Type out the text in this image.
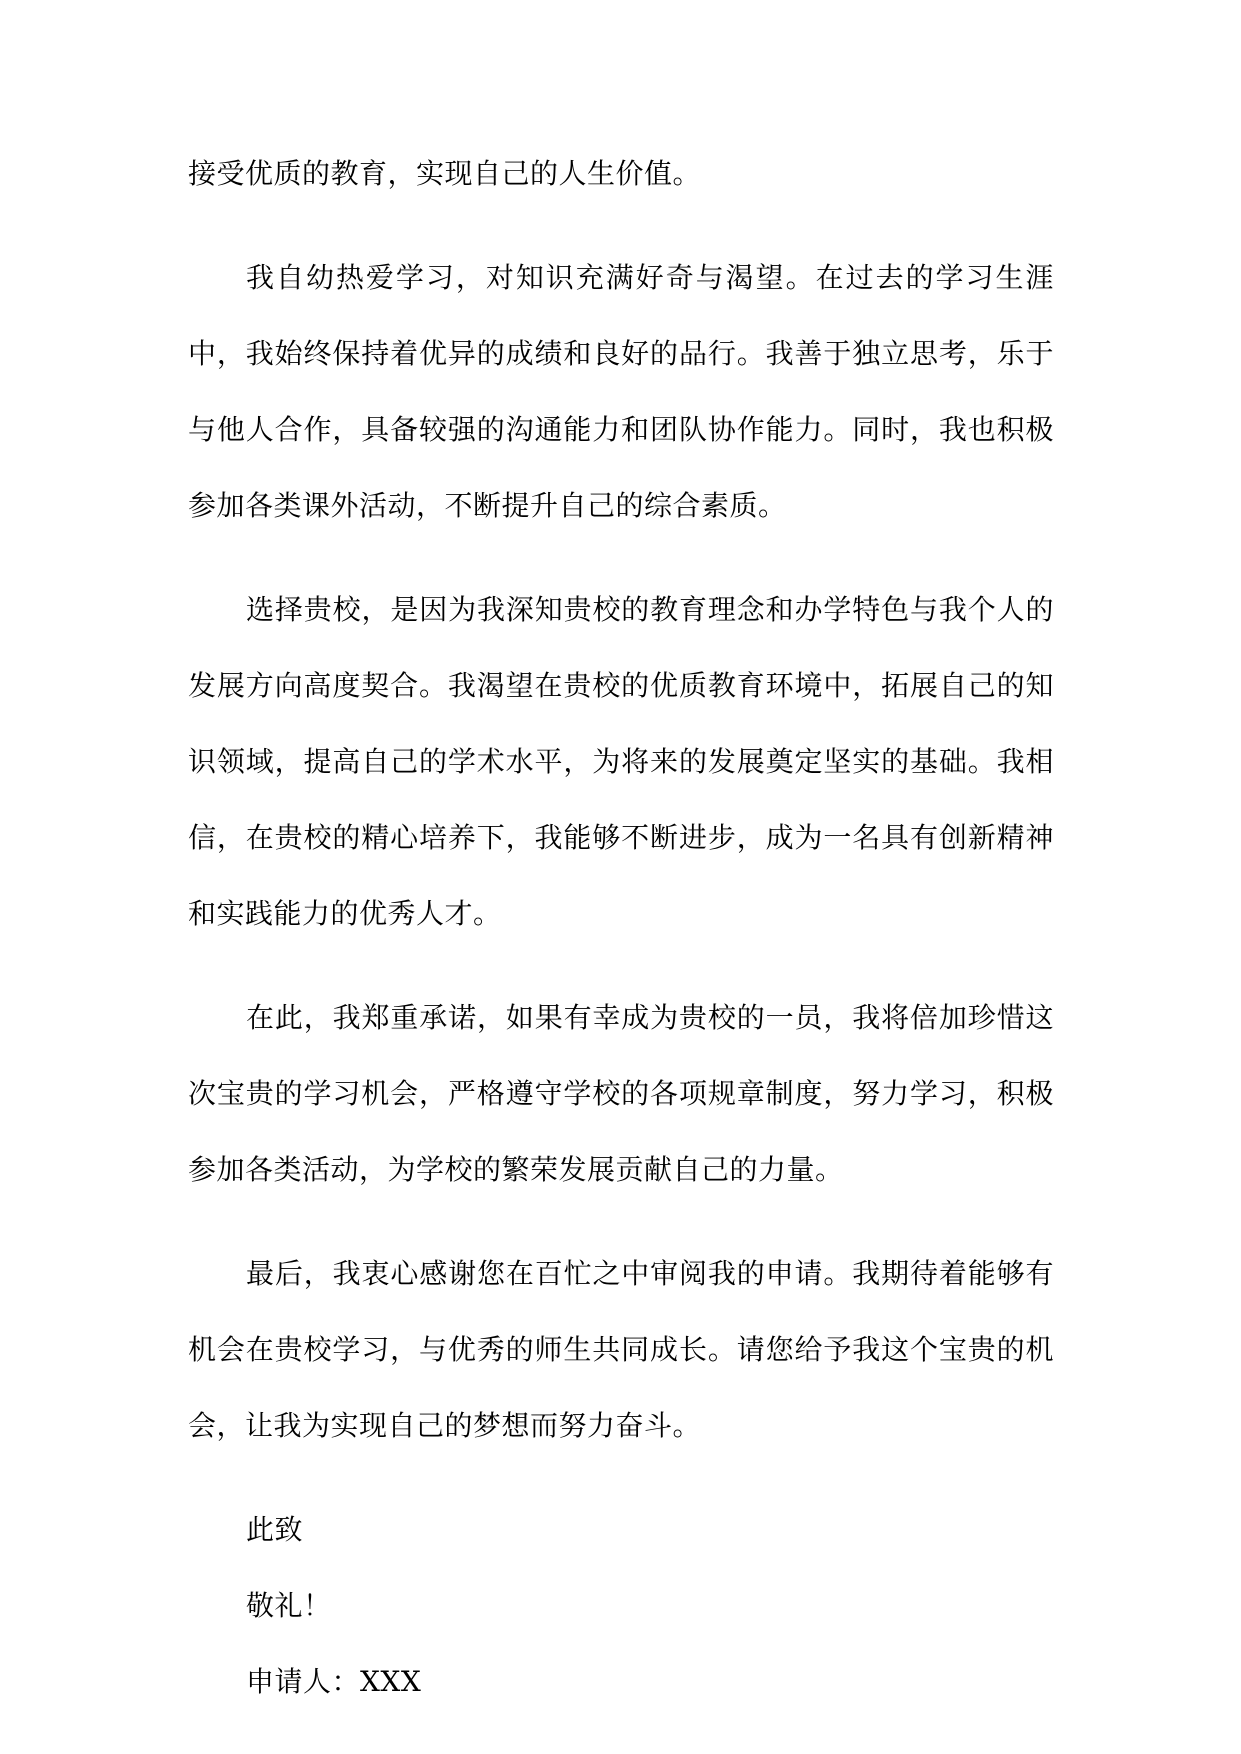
接受优质的教育，实现自己的人生价值。

我自幼热爱学习，对知识充满好奇与渴望。在过去的学习生涯中，我始终保持着优异的成绩和良好的品行。我善于独立思考，乐于与他人合作，具备较强的沟通能力和团队协作能力。同时，我也积极参加各类课外活动，不断提升自己的综合素质。

选择贵校，是因为我深知贵校的教育理念和办学特色与我个人的发展方向高度契合。我渴望在贵校的优质教育环境中，拓展自己的知识领域，提高自己的学术水平，为将来的发展奠定坚实的基础。我相信，在贵校的精心培养下，我能够不断进步，成为一名具有创新精神和实践能力的优秀人才。

在此，我郑重承诺，如果有幸成为贵校的一员，我将倍加珍惜这次宝贵的学习机会，严格遵守学校的各项规章制度，努力学习，积极参加各类活动，为学校的繁荣发展贡献自己的力量。

最后，我衷心感谢您在百忙之中审阅我的申请。我期待着能够有机会在贵校学习，与优秀的师生共同成长。请您给予我这个宝贵的机会，让我为实现自己的梦想而努力奋斗。

此致

敬礼！

申请人：XXX
